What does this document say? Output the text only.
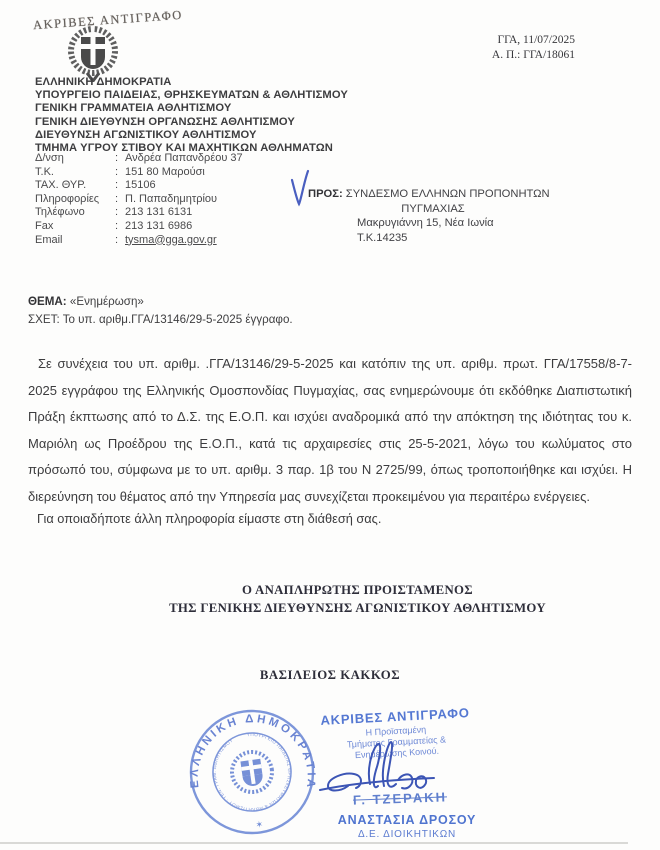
ΑΚΡΙΒΕΣ ΑΝΤΙΓΡΑΦΟ
ΓΓΑ, 11/07/2025
Α. Π.: ΓΓΑ/18061
ΕΛΛΗΝΙΚΗ ΔΗΜΟΚΡΑΤΙΑ
ΥΠΟΥΡΓΕΙΟ ΠΑΙΔΕΙΑΣ, ΘΡΗΣΚΕΥΜΑΤΩΝ & ΑΘΛΗΤΙΣΜΟΥ
ΓΕΝΙΚΗ ΓΡΑΜΜΑΤΕΙΑ ΑΘΛΗΤΙΣΜΟΥ
ΓΕΝΙΚΗ ΔΙΕΥΘΥΝΣΗ ΟΡΓΑΝΩΣΗΣ ΑΘΛΗΤΙΣΜΟΥ
ΔΙΕΥΘΥΝΣΗ ΑΓΩΝΙΣΤΙΚΟΥ ΑΘΛΗΤΙΣΜΟΥ
ΤΜΗΜΑ ΥΓΡΟΥ ΣΤΙΒΟΥ ΚΑΙ ΜΑΧΗΤΙΚΩΝ ΑΘΛΗΜΑΤΩΝ
Δ/νση	: Ανδρέα Παπανδρέου 37
Τ.Κ.	: 151 80 Μαρούσι
ΤΑΧ. ΘΥΡ.	: 15106
Πληροφορίες	: Π. Παπαδημητρίου
Τηλέφωνο	: 213 131 6131
Fax	: 213 131 6986
Email	: tysma@gga.gov.gr
ΠΡΟΣ: ΣΥΝΔΕΣΜΟ ΕΛΛΗΝΩΝ ΠΡΟΠΟΝΗΤΩΝ
ΠΥΓΜΑΧΙΑΣ
Μακρυγιάννη 15, Νέα Ιωνία
Τ.Κ.14235
ΘΕΜΑ: «Ενημέρωση»
ΣΧΕΤ: Το υπ. αριθμ.ΓΓΑ/13146/29-5-2025 έγγραφο.
Σε συνέχεια του υπ. αριθμ. .ΓΓΑ/13146/29-5-2025 και κατόπιν της υπ. αριθμ. πρωτ. ΓΓΑ/17558/8-7-2025 εγγράφου της Ελληνικής Ομοσπονδίας Πυγμαχίας, σας ενημερώνουμε ότι εκδόθηκε Διαπιστωτική Πράξη έκπτωσης από το Δ.Σ. της Ε.Ο.Π. και ισχύει αναδρομικά από την απόκτηση της ιδιότητας του κ. Μαριόλη ως Προέδρου της Ε.Ο.Π., κατά τις αρχαιρεσίες στις 25-5-2021, λόγω του κωλύματος στο πρόσωπό του, σύμφωνα με το υπ. αριθμ. 3 παρ. 1β του Ν 2725/99, όπως τροποποιήθηκε και ισχύει. Η διερεύνηση του θέματος από την Υπηρεσία μας συνεχίζεται προκειμένου για περαιτέρω ενέργειες.
Για οποιαδήποτε άλλη πληροφορία είμαστε στη διάθεσή σας.
Ο ΑΝΑΠΛΗΡΩΤΗΣ ΠΡΟΙΣΤΑΜΕΝΟΣ
ΤΗΣ ΓΕΝΙΚΗΣ ΔΙΕΥΘΥΝΣΗΣ ΑΓΩΝΙΣΤΙΚΟΥ ΑΘΛΗΤΙΣΜΟΥ
ΒΑΣΙΛΕΙΟΣ ΚΑΚΚΟΣ
ΕΛΛΗΝΙΚΗ ΔΗΜΟΚΡΑΤΙΑ
ΥΠΟΥΡΓΕΙΟ ΠΑΙΔΕΙΑΣ ΘΡΗΣΚΕΥΜΑΤΩΝ & ΑΘΛΗΤΙΣΜΟΥ · ΓΕΝ. ΓΡΑΜ. ΑΘΛΗΤΙΣΜΟΥ
✶
ΑΚΡΙΒΕΣ ΑΝΤΙΓΡΑΦΟ
Η Προϊσταμένη
Τμήματος Γραμματείας &
Ενημέρωσης Κοινού.
Γ. ΤΖΕΡΑΚΗ
ΑΝΑΣΤΑΣΙΑ ΔΡΟΣΟΥ
Δ.Ε. ΔΙΟΙΚΗΤΙΚΩΝ
